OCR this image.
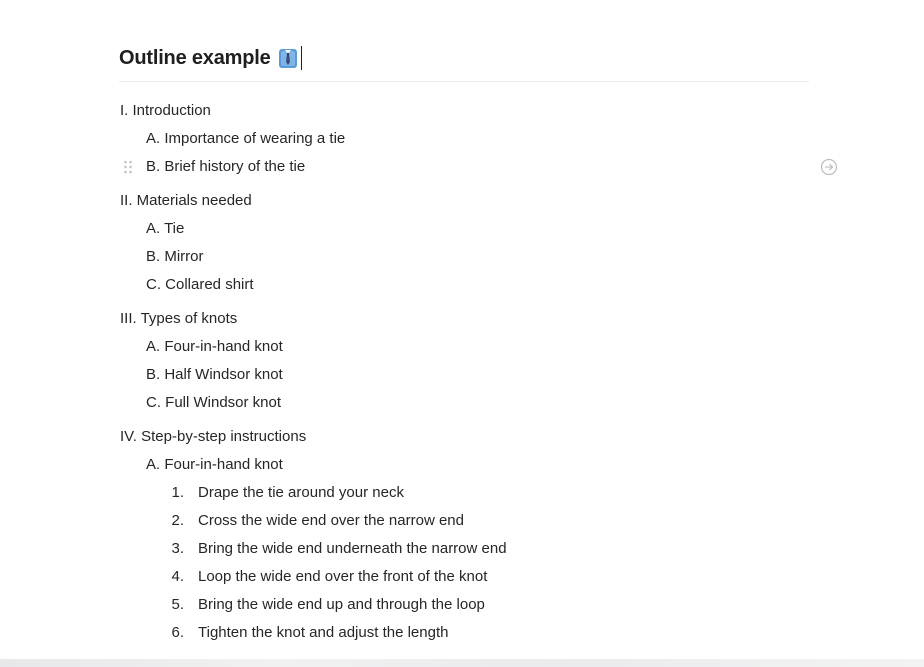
Outline example
I. Introduction
A. Importance of wearing a tie
B. Brief history of the tie
II. Materials needed
A. Tie
B. Mirror
C. Collared shirt
III. Types of knots
A. Four-in-hand knot
B. Half Windsor knot
C. Full Windsor knot
IV. Step-by-step instructions
A. Four-in-hand knot
1. Drape the tie around your neck
2. Cross the wide end over the narrow end
3. Bring the wide end underneath the narrow end
4. Loop the wide end over the front of the knot
5. Bring the wide end up and through the loop
6. Tighten the knot and adjust the length
